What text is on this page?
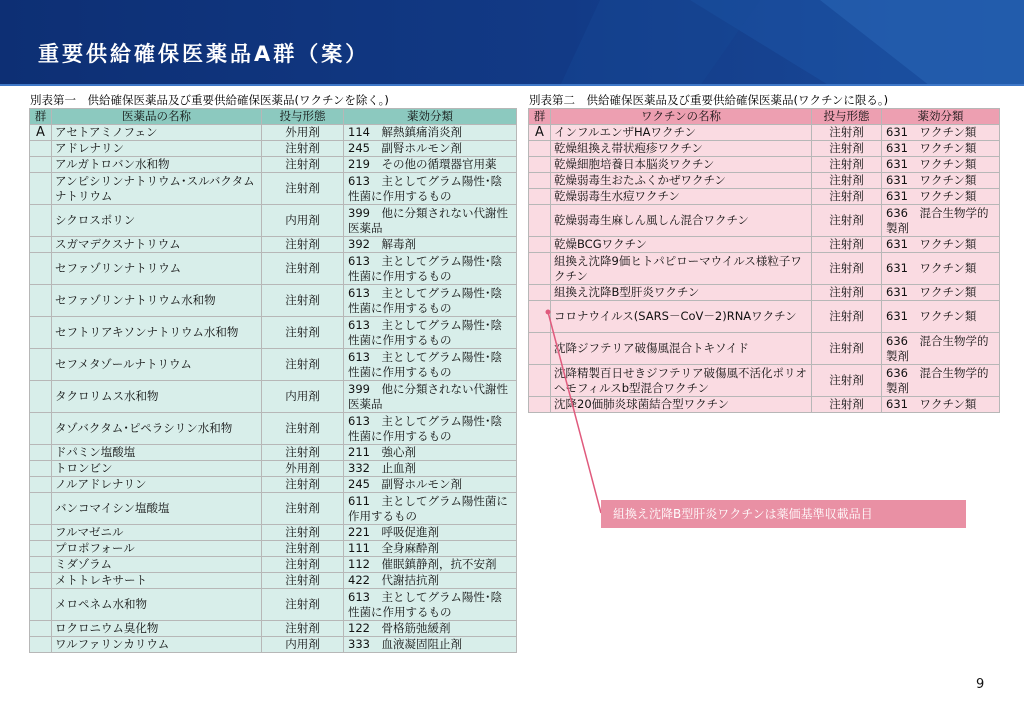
重要供給確保医薬品A群（案）
別表第一　供給確保医薬品及び重要供給確保医薬品(ワクチンを除く。)
群	医薬品の名称	投与形態	薬効分類
A	アセトアミノフェン	外用剤	114　解熱鎮痛消炎剤
	アドレナリン	注射剤	245　副腎ホルモン剤
	アルガトロバン水和物	注射剤	219　その他の循環器官用薬
	アンピシリンナトリウム･スルバクタムナトリウム	注射剤	613　主としてグラム陽性･陰性菌に作用するもの
	シクロスポリン	内用剤	399　他に分類されない代謝性医薬品
	スガマデクスナトリウム	注射剤	392　解毒剤
	セファゾリンナトリウム	注射剤	613　主としてグラム陽性･陰性菌に作用するもの
	セファゾリンナトリウム水和物	注射剤	613　主としてグラム陽性･陰性菌に作用するもの
	セフトリアキソンナトリウム水和物	注射剤	613　主としてグラム陽性･陰性菌に作用するもの
	セフメタゾールナトリウム	注射剤	613　主としてグラム陽性･陰性菌に作用するもの
	タクロリムス水和物	内用剤	399　他に分類されない代謝性医薬品
	タゾバクタム･ピペラシリン水和物	注射剤	613　主としてグラム陽性･陰性菌に作用するもの
	ドパミン塩酸塩	注射剤	211　強心剤
	トロンビン	外用剤	332　止血剤
	ノルアドレナリン	注射剤	245　副腎ホルモン剤
	バンコマイシン塩酸塩	注射剤	611　主としてグラム陽性菌に作用するもの
	フルマゼニル	注射剤	221　呼吸促進剤
	プロポフォール	注射剤	111　全身麻酔剤
	ミダゾラム	注射剤	112　催眠鎮静剤，抗不安剤
	メトトレキサート	注射剤	422　代謝拮抗剤
	メロペネム水和物	注射剤	613　主としてグラム陽性･陰性菌に作用するもの
	ロクロニウム臭化物	注射剤	122　骨格筋弛緩剤
	ワルファリンカリウム	内用剤	333　血液凝固阻止剤
別表第二　供給確保医薬品及び重要供給確保医薬品(ワクチンに限る。)
群	ワクチンの名称	投与形態	薬効分類
A	インフルエンザHAワクチン	注射剤	631　ワクチン類
	乾燥組換え帯状疱疹ワクチン	注射剤	631　ワクチン類
	乾燥細胞培養日本脳炎ワクチン	注射剤	631　ワクチン類
	乾燥弱毒生おたふくかぜワクチン	注射剤	631　ワクチン類
	乾燥弱毒生水痘ワクチン	注射剤	631　ワクチン類
	乾燥弱毒生麻しん風しん混合ワクチン	注射剤	636　混合生物学的製剤
	乾燥BCGワクチン	注射剤	631　ワクチン類
	組換え沈降9価ヒトパピローマウイルス様粒子ワクチン	注射剤	631　ワクチン類
	組換え沈降B型肝炎ワクチン	注射剤	631　ワクチン類
	コロナウイルス(SARS－CoV－2)RNAワクチン	注射剤	631　ワクチン類
	沈降ジフテリア破傷風混合トキソイド	注射剤	636　混合生物学的製剤
	沈降精製百日せきジフテリア破傷風不活化ポリオヘモフィルスb型混合ワクチン	注射剤	636　混合生物学的製剤
	沈降20価肺炎球菌結合型ワクチン	注射剤	631　ワクチン類
組換え沈降B型肝炎ワクチンは薬価基準収載品目
9
